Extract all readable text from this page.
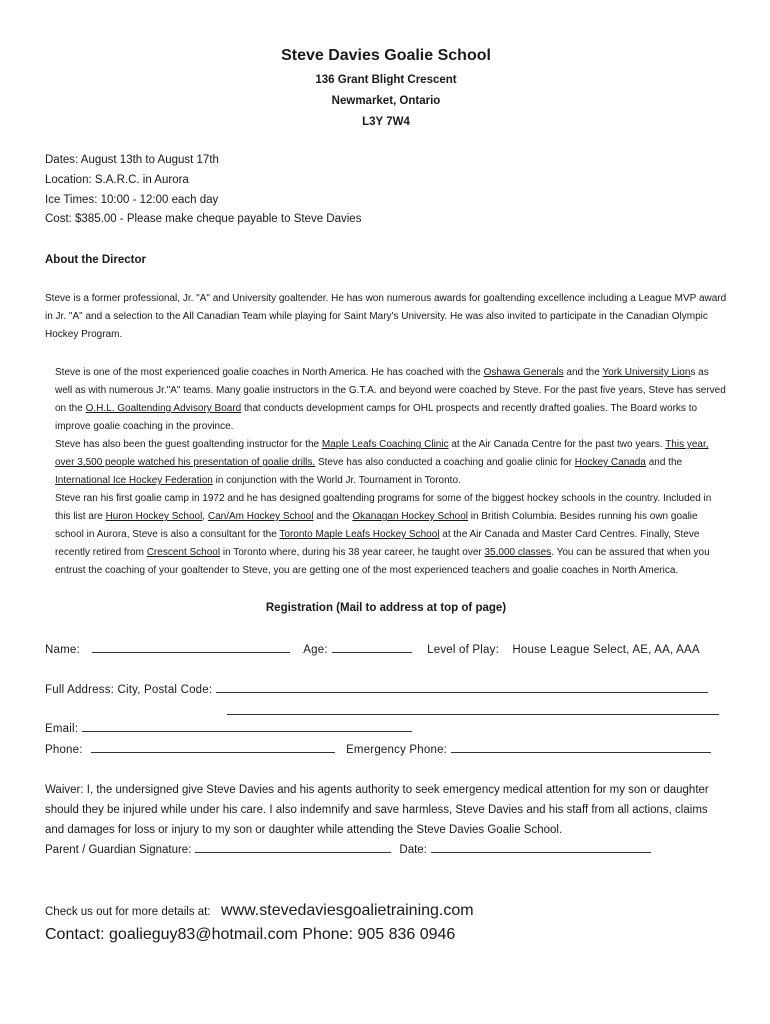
Steve Davies Goalie School
136 Grant Blight Crescent
Newmarket, Ontario
L3Y 7W4
Dates: August 13th to August 17th
Location: S.A.R.C. in Aurora
Ice Times: 10:00 - 12:00 each day
Cost: $385.00 - Please make cheque payable to Steve Davies
About the Director

Steve is a former professional, Jr. "A" and University goaltender. He has won numerous awards for goaltending excellence including a League MVP award in Jr. "A" and a selection to the All Canadian Team while playing for Saint Mary's University. He was also invited to participate in the Canadian Olympic Hockey Program.

Steve is one of the most experienced goalie coaches in North America. He has coached with the Oshawa Generals and the York University Lions as well as with numerous Jr."A" teams. Many goalie instructors in the G.T.A. and beyond were coached by Steve. For the past five years, Steve has served on the O.H.L. Goaltending Advisory Board that conducts development camps for OHL prospects and recently drafted goalies. The Board works to improve goalie coaching in the province.

Steve has also been the guest goaltending instructor for the Maple Leafs Coaching Clinic at the Air Canada Centre for the past two years. This year, over 3,500 people watched his presentation of goalie drills. Steve has also conducted a coaching and goalie clinic for Hockey Canada and the International Ice Hockey Federation in conjunction with the World Jr. Tournament in Toronto.

Steve ran his first goalie camp in 1972 and he has designed goaltending programs for some of the biggest hockey schools in the country. Included in this list are Huron Hockey School, Can/Am Hockey School and the Okanagan Hockey School in British Columbia. Besides running his own goalie school in Aurora, Steve is also a consultant for the Toronto Maple Leafs Hockey School at the Air Canada and Master Card Centres. Finally, Steve recently retired from Crescent School in Toronto where, during his 38 year career, he taught over 35,000 classes. You can be assured that when you entrust the coaching of your goaltender to Steve, you are getting one of the most experienced teachers and goalie coaches in North America.

Registration (Mail to address at top of page)
Name:	Age:	Level of Play: House League Select, AE, AA, AAA
Full Address: City, Postal Code:
Email:
Phone:	Emergency Phone:

Waiver: I, the undersigned give Steve Davies and his agents authority to seek emergency medical attention for my son or daughter should they be injured while under his care. I also indemnify and save harmless, Steve Davies and his staff from all actions, claims and damages for loss or injury to my son or daughter while attending the Steve Davies Goalie School.

Parent / Guardian Signature:	Date:

Check us out for more details at: www.stevedaviesgoalietraining.com
Contact: goalieguy83@hotmail.com Phone: 905 836 0946
